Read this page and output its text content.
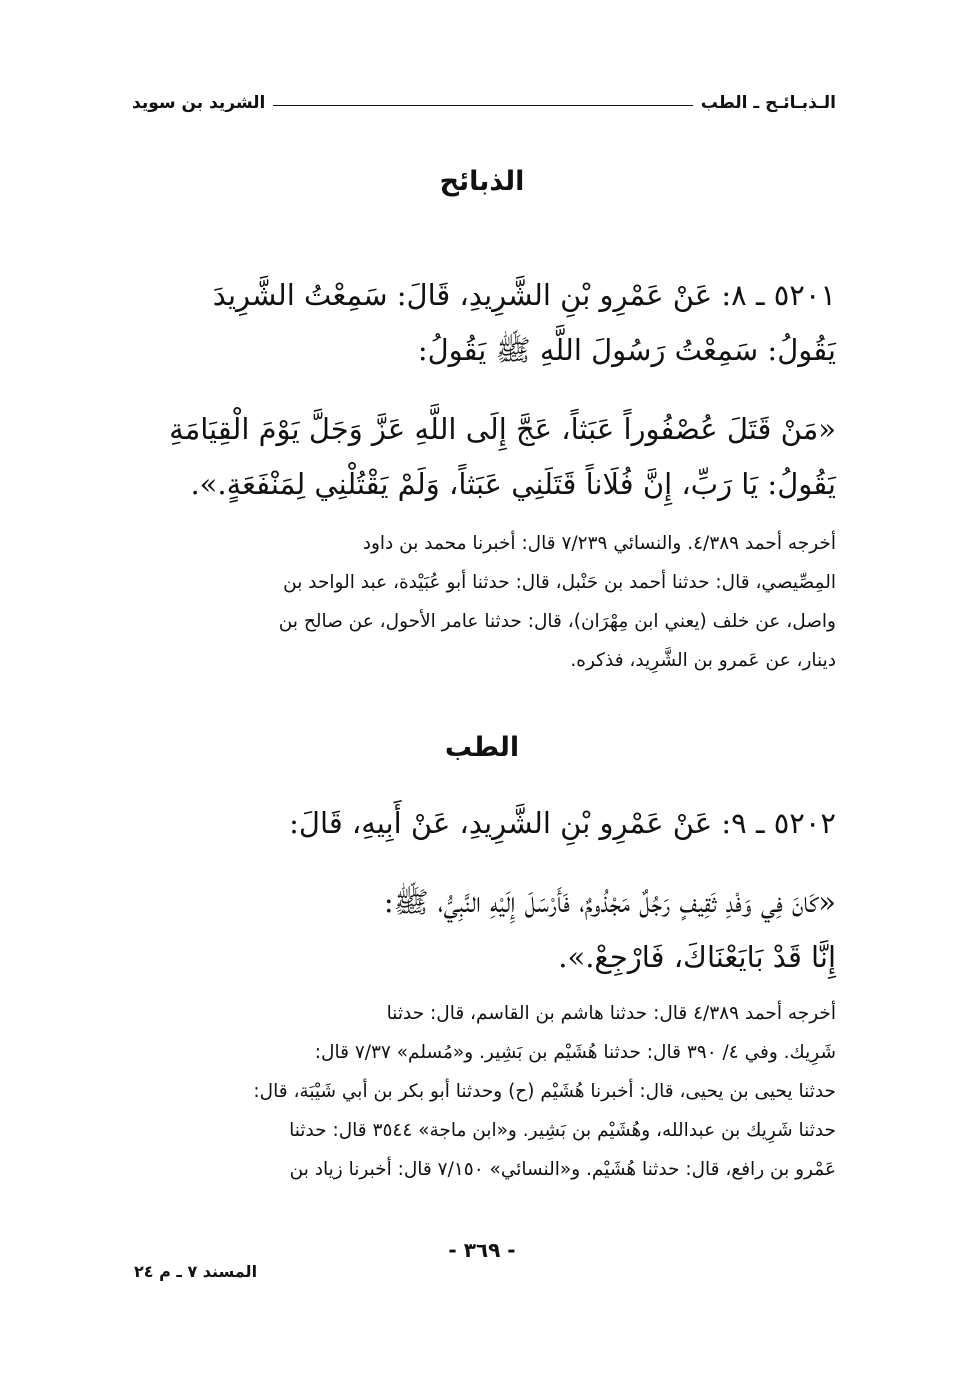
الـذبـائـح ـ الطب
الشريد بن سويد
الذبائح

٥٢٠١ ـ ٨: عَنْ عَمْرِو بْنِ الشَّرِيدِ، قَالَ: سَمِعْتُ الشَّرِيدَ

يَقُولُ: سَمِعْتُ رَسُولَ اللَّهِ ﷺ يَقُولُ:

«مَنْ قَتَلَ عُصْفُوراً عَبَثاً، عَجَّ إِلَى اللَّهِ عَزَّ وَجَلَّ يَوْمَ الْقِيَامَةِ

يَقُولُ: يَا رَبِّ، إِنَّ فُلَاناً قَتَلَنِي عَبَثاً، وَلَمْ يَقْتُلْنِي لِمَنْفَعَةٍ.».

أخرجه أحمد ٤/٣٨٩. والنسائي ٧/٢٣٩ قال: أخبرنا محمد بن داود

المِصِّيصي، قال: حدثنا أحمد بن حَنْبل، قال: حدثنا أبو عُبَيْدة، عبد الواحد بن

واصل، عن خلف (يعني ابن مِهْرَان)، قال: حدثنا عامر الأحول، عن صالح بن

دينار، عن عَمرو بن الشَّرِيد، فذكره.

الطب

٥٢٠٢ ـ ٩: عَنْ عَمْرِو بْنِ الشَّرِيدِ، عَنْ أَبِيهِ، قَالَ:

«كَانَ فِي وَفْدِ ثَقِيفٍ رَجُلٌ مَجْذُومٌ، فَأَرْسَلَ إِلَيْهِ النَّبِيُّ، ﷺ:

إِنَّا قَدْ بَايَعْنَاكَ، فَارْجِعْ.».

أخرجه أحمد ٤/٣٨٩ قال: حدثنا هاشم بن القاسم، قال: حدثنا

شَرِيك. وفي ٤/ ٣٩٠ قال: حدثنا هُشَيْم بن بَشِير. و«مُسلم» ٧/٣٧ قال:

حدثنا يحيى بن يحيى، قال: أخبرنا هُشَيْم (ح) وحدثنا أبو بكر بن أبي شَيْبَة، قال:

حدثنا شَرِيك بن عبدالله، وهُشَيْم بن بَشِير. و«ابن ماجة» ٣٥٤٤ قال: حدثنا

عَمْرو بن رافع، قال: حدثنا هُشَيْم. و«النسائي» ٧/١٥٠ قال: أخبرنا زياد بن

- ٣٦٩ -
المسند ٧ ـ م ٢٤
